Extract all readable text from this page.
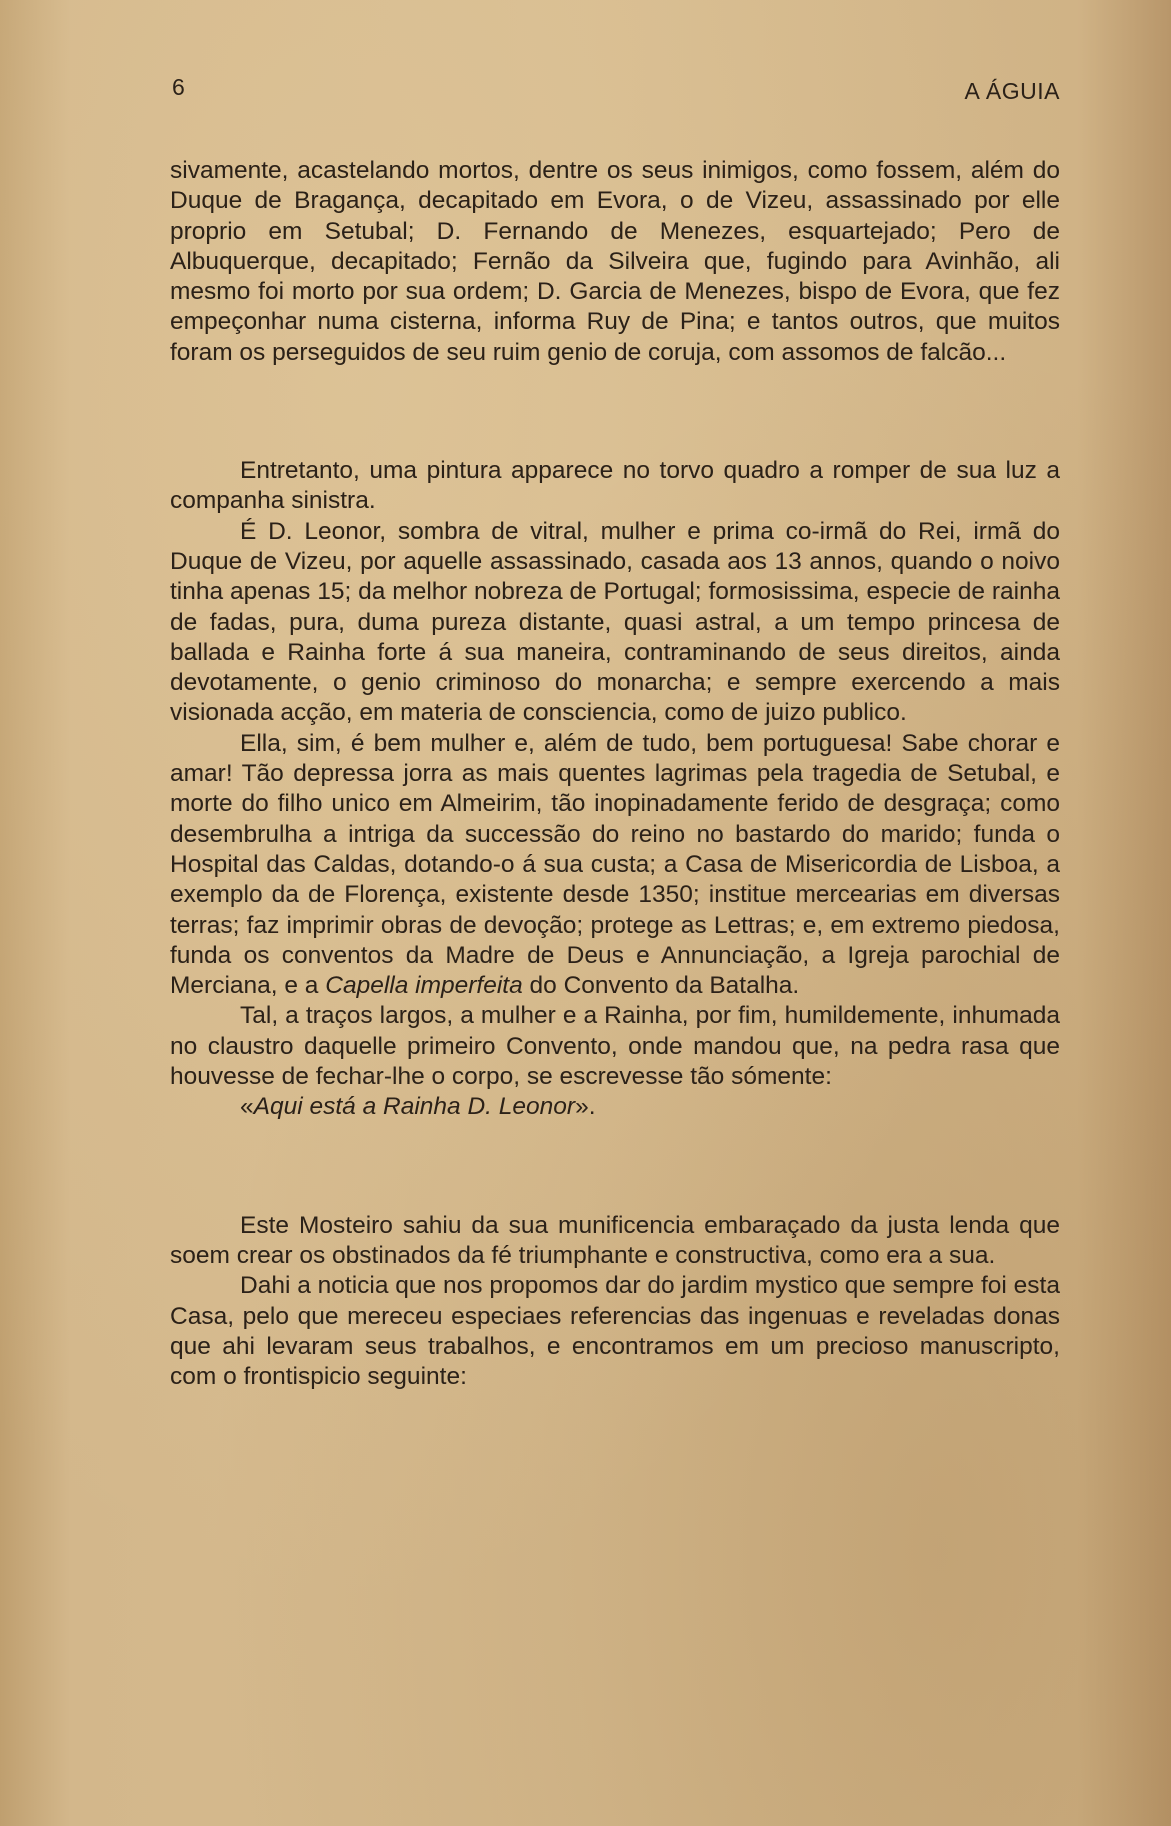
6	A ÁGUIA

sivamente, acastelando mortos, dentre os seus inimigos, como fossem, além do Duque de Bragança, decapitado em Evora, o de Vizeu, assassinado por elle proprio em Setubal; D. Fernando de Menezes, esquartejado; Pero de Albuquerque, decapitado; Fernão da Silveira que, fugindo para Avinhão, ali mesmo foi morto por sua ordem; D. Garcia de Menezes, bispo de Evora, que fez empeçonhar numa cisterna, informa Ruy de Pina; e tantos outros, que muitos foram os perseguidos de seu ruim genio de coruja, com assomos de falcão...

Entretanto, uma pintura apparece no torvo quadro a romper de sua luz a companha sinistra.

É D. Leonor, sombra de vitral, mulher e prima co-irmã do Rei, irmã do Duque de Vizeu, por aquelle assassinado, casada aos 13 annos, quando o noivo tinha apenas 15; da melhor nobreza de Portugal; formosissima, especie de rainha de fadas, pura, duma pureza distante, quasi astral, a um tempo princesa de ballada e Rainha forte á sua maneira, contraminando de seus direitos, ainda devotamente, o genio criminoso do monarcha; e sempre exercendo a mais visionada acção, em materia de consciencia, como de juizo publico.

Ella, sim, é bem mulher e, além de tudo, bem portuguesa! Sabe chorar e amar! Tão depressa jorra as mais quentes lagrimas pela tragedia de Setubal, e morte do filho unico em Almeirim, tão inopinadamente ferido de desgraça; como desembrulha a intriga da successão do reino no bastardo do marido; funda o Hospital das Caldas, dotando-o á sua custa; a Casa de Misericordia de Lisboa, a exemplo da de Florença, existente desde 1350; institue mercearias em diversas terras; faz imprimir obras de devoção; protege as Lettras; e, em extremo piedosa, funda os conventos da Madre de Deus e Annunciação, a Igreja parochial de Merciana, e a Capella imperfeita do Convento da Batalha.

Tal, a traços largos, a mulher e a Rainha, por fim, humildemente, inhumada no claustro daquelle primeiro Convento, onde mandou que, na pedra rasa que houvesse de fechar-lhe o corpo, se escrevesse tão sómente:

«Aqui está a Rainha D. Leonor».

Este Mosteiro sahiu da sua munificencia embaraçado da justa lenda que soem crear os obstinados da fé triumphante e constructiva, como era a sua.

Dahi a noticia que nos propomos dar do jardim mystico que sempre foi esta Casa, pelo que mereceu especiaes referencias das ingenuas e reveladas donas que ahi levaram seus trabalhos, e encontramos em um precioso manuscripto, com o frontispicio seguinte:
